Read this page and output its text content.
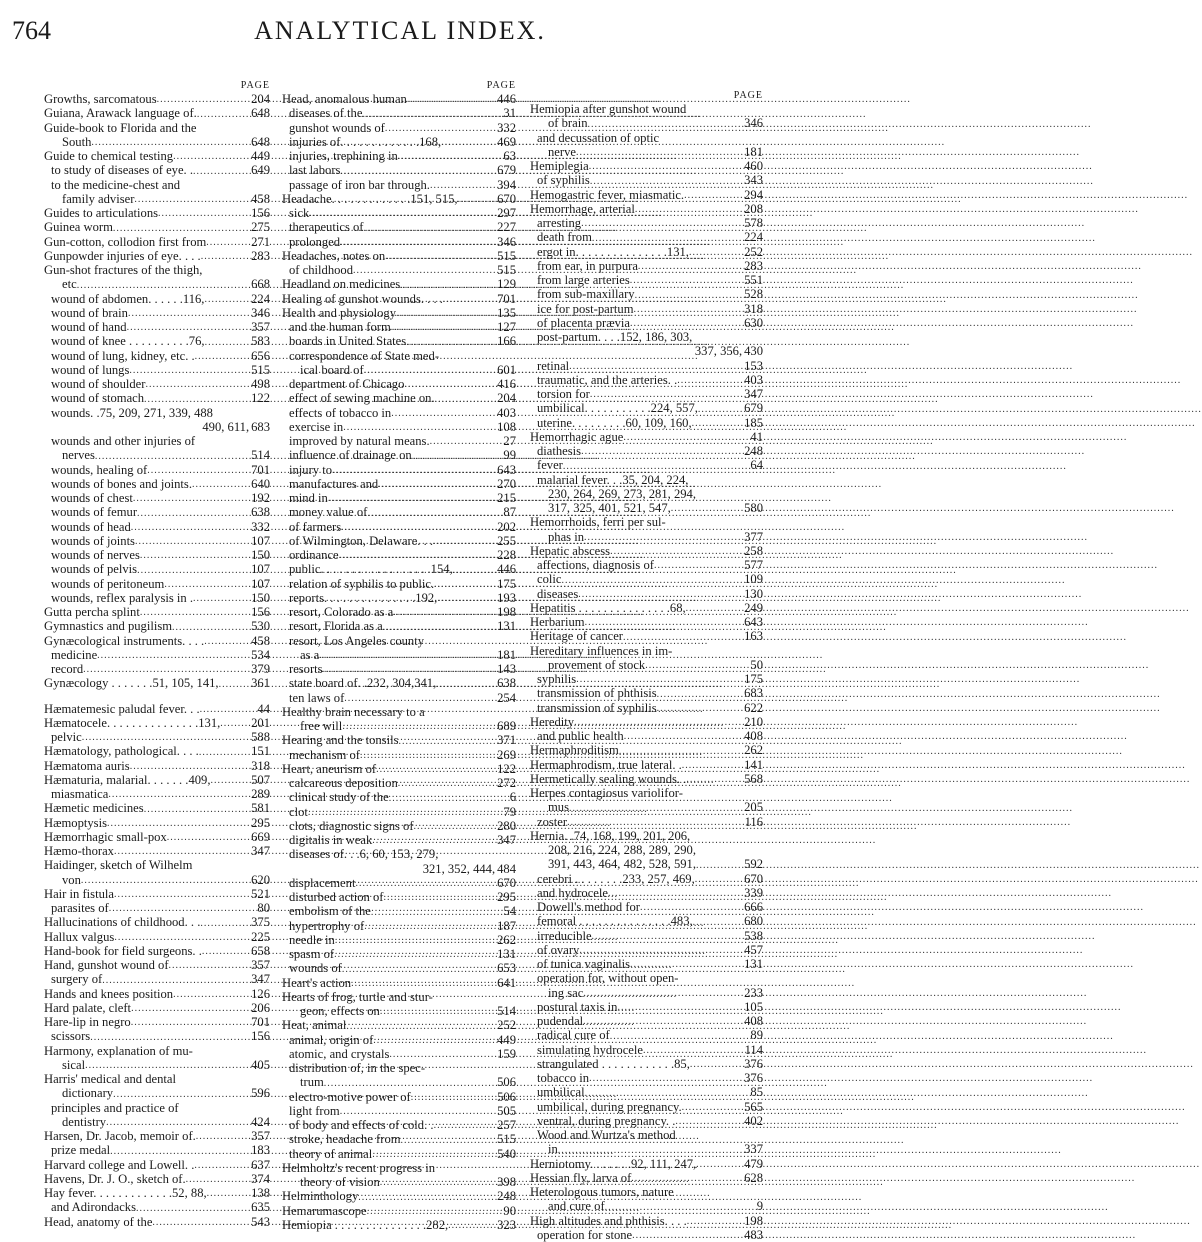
764	ANALYTICAL INDEX.
PAGE
Growths, sarcomatous .....	204
Guiana, Arawack language of. .....	648
Guide-book to Florida and the
South .....	648
Guide to chemical testing .....	449
to study of diseases of eye. . .....	649
to the medicine-chest and
family adviser .....	458
Guides to articulations .....	156
Guinea worm .....	275
Gun-cotton, collodion first from .....	271
Gunpowder injuries of eye. . . . .....	283
Gun-shot fractures of the thigh,
etc .....	668
wound of abdomen. . . . . .116, .....	224
wound of brain .....	346
wound of hand .....	357
wound of knee . . . . . . . . . .76, .....	583
wound of lung, kidney, etc. . .....	656
wound of lungs .....	515
wound of shoulder .....	498
wound of stomach .....	122
wounds. .75, 209, 271, 339, 488
490, 611, 683
wounds and other injuries of
nerves .....	514
wounds, healing of .....	701
wounds of bones and joints. .....	640
wounds of chest .....	192
wounds of femur .....	638
wounds of head .....	332
wounds of joints .....	107
wounds of nerves .....	150
wounds of pelvis .....	107
wounds of peritoneum .....	107
wounds, reflex paralysis in . .....	150
Gutta percha splint .....	156
Gymnastics and pugilism .....	530
Gynæcological instruments. . . . .....	458
medicine .....	534
record .....	379
Gynæcology . . . . . . .51, 105, 141, .....	361
Hæmatemesic paludal fever. . . .....	44
Hæmatocele. . . . . . . . . . . . . . .131, ..... 201
pelvic .....	588
Hæmatology, pathological. . . . .....	151
Hæmatoma auris .....	318
Hæmaturia, malarial. . . . . . .409, .....	507
miasmatica .....	289
Hæmetic medicines .....	581
Hæmoptysis .....	295
Hæmorrhagic small-pox .....	669
Hæmo-thorax .....	347
Haidinger, sketch of Wilhelm
von .....	620
Hair in fistula .....	521
parasites of .....	80
Hallucinations of childhood. . . .....	375
Hallux valgus .....	225
Hand-book for field surgeons. . .....	658
Hand, gunshot wound of .....	357
surgery of .....	347
Hands and knees position .....	126
Hard palate, cleft .....	206
Hare-lip in negro .....	701
scissors .....	156
Harmony, explanation of mu-
sical .....	405
Harris' medical and dental
dictionary .....	596
principles and practice of
dentistry .....	424
Harsen, Dr. Jacob, memoir of. .....	357
prize medal .....	183
Harvard college and Lowell. . .....	637
Havens, Dr. J. O., sketch of. .....	374
Hay fever. . . . . . . . . . . . .52, 88, .....	138
and Adirondacks .....	635
Head, anatomy of the .....	543
PAGE
Head, anomalous human .....	446
diseases of the .....	31
gunshot wounds of .....	332
injuries of. . . . . . . . . . . . .168, .....	469
injuries, trephining in .....	63
last labors .....	679
passage of iron bar through. .....	394
Headache. . . . . . . . . . . . .151, 515, .....	670
sick .....	297
therapeutics of .....	227
prolonged .....	346
Headaches, notes on .....	515
of childhood .....	515
Headland on medicines .....	129
Healing of gunshot wounds. . . . .....	701
Health and physiology .....	135
and the human form .....	127
boards in United States .....	166
correspondence of State med-
ical board of .....	601
department of Chicago .....	416
effect of sewing machine on. .....	204
effects of tobacco in .....	403
exercise in .....	108
improved by natural means. .....	27
influence of drainage on .....	99
injury to .....	643
manufactures and .....	270
mind in .....	215
money value of .....	87
of farmers .....	202
of Wilmington, Delaware. . . .....	255
ordinance .....	228
public. . . . . . . . . . . . . . . . . .154, .....	446
relation of syphilis to public. .....	175
reports. . . . . . . . . . . . . . .192, .....	193
resort, Colorado as a .....	198
resort, Florida as a .....	131
resort, Los Angeles county
as a .....	181
resorts .....	143
state board of. .232, 304,341, .....	638
ten laws of .....	254
Healthy brain necessary to a
free will .....	689
Hearing and the tonsils .....	371
mechanism of .....	269
Heart, aneurism of .....	122
calcareous deposition .....	272
clinical study of the .....	6
clot .....	79
clots, diagnostic signs of .....	280
digitalis in weak .....	347
diseases of. . .6, 60, 153, 279,
321, 352, 444, 484
displacement .....	670
disturbed action of .....	295
embolism of the .....	54
hypertrophy of .....	187
needle in .....	262
spasm of .....	131
wounds of .....	653
Heart's action .....	641
Hearts of frog, turtle and stur-
geon, effects on .....	514
Heat, animal .....	252
animal, origin of .....	449
atomic, and crystals .....	159
distribution of, in the spec-
trum .....	506
electro-motive power of .....	506
light from .....	505
of body and effects of cold. . .....	257
stroke, headache from .....	515
theory of animal .....	540
Helmholtz's recent progress in
theory of vision .....	398
Helminthology .....	248
Hemarumascope .....	90
Hemiopia . . . . . . . . . . . . . . .282, .....	323
PAGE
Hemiopia after gunshot wound
of brain .....	346
and decussation of optic
nerve .....	181
Hemiplegia .....	460
of syphilis .....	343
Hemogastric fever, miasmatic. .....	294
Hemorrhage, arterial .....	208
arresting .....	578
death from .....	224
ergot in. . . . . . . . . . . . . . .131, .....	252
from ear, in purpura .....	283
from large arteries .....	551
from sub-maxillary .....	528
ice for post-partum .....	318
of placenta prævia .....	630
post-partum. . . .152, 186, 303,
337, 356, 430
retinal .....	153
traumatic, and the arteries. . .....	403
torsion for .....	347
umbilical. . . . . . . . . . .224, 557, .....	679
uterine. . . . . . . . .60, 109, 160, .....	185
Hemorrhagic ague .....	41
diathesis .....	248
fever .....	64
malarial fever. . .35, 204, 224,
230, 264, 269, 273, 281, 294,
317, 325, 401, 521, 547, .....	580
Hemorrhoids, ferri per sul-
phas in .....	377
Hepatic abscess .....	258
affections, diagnosis of .....	577
colic .....	109
diseases .....	130
Hepatitis . . . . . . . . . . . . . . .68, .....	249
Herbarium .....	643
Heritage of cancer .....	163
Hereditary influences in im-
provement of stock .....	50
syphilis .....	175
transmission of phthisis .....	683
transmission of syphilis .....	622
Heredity .....	210
and public health .....	408
Hermaphroditism .....	262
Hermaphrodism, true lateral. . .....	141
Hermetically sealing wounds. . .....	568
Herpes contagiosus variolifor-
mus .....	205
zoster .....	116
Hernia. .74, 168, 199, 201, 206,
208, 216, 224, 288, 289, 290,
391, 443, 464, 482, 528, 591, .....	592
cerebri . . . . . . . .233, 257, 469, .....	670
and hydrocele .....	339
Dowell's method for .....	666
femoral . . . . . . . . . . . . . . .483, .....	680
irreducible .....	538
of ovary .....	457
of tunica vaginalis .....	131
operation for, without open-
ing sac .....	233
postural taxis in .....	105
pudendal .....	408
radical cure of .....	89
simulating hydrocele .....	114
strangulated . . . . . . . . . . . .85, .....	376
tobacco in .....	376
umbilical .....	85
umbilical, during pregnancy. .....	565
ventral, during pregnancy. . .....	402
Wood and Wurtza's method
in .....	337
Herniotomy. . . . . . .92, 111, 247, .....	479
Hessian fly, larva of .....	628
Heterologous tumors, nature
and cure of .....	9
High altitudes and phthisis. . . . .....	198
operation for stone .....	483
